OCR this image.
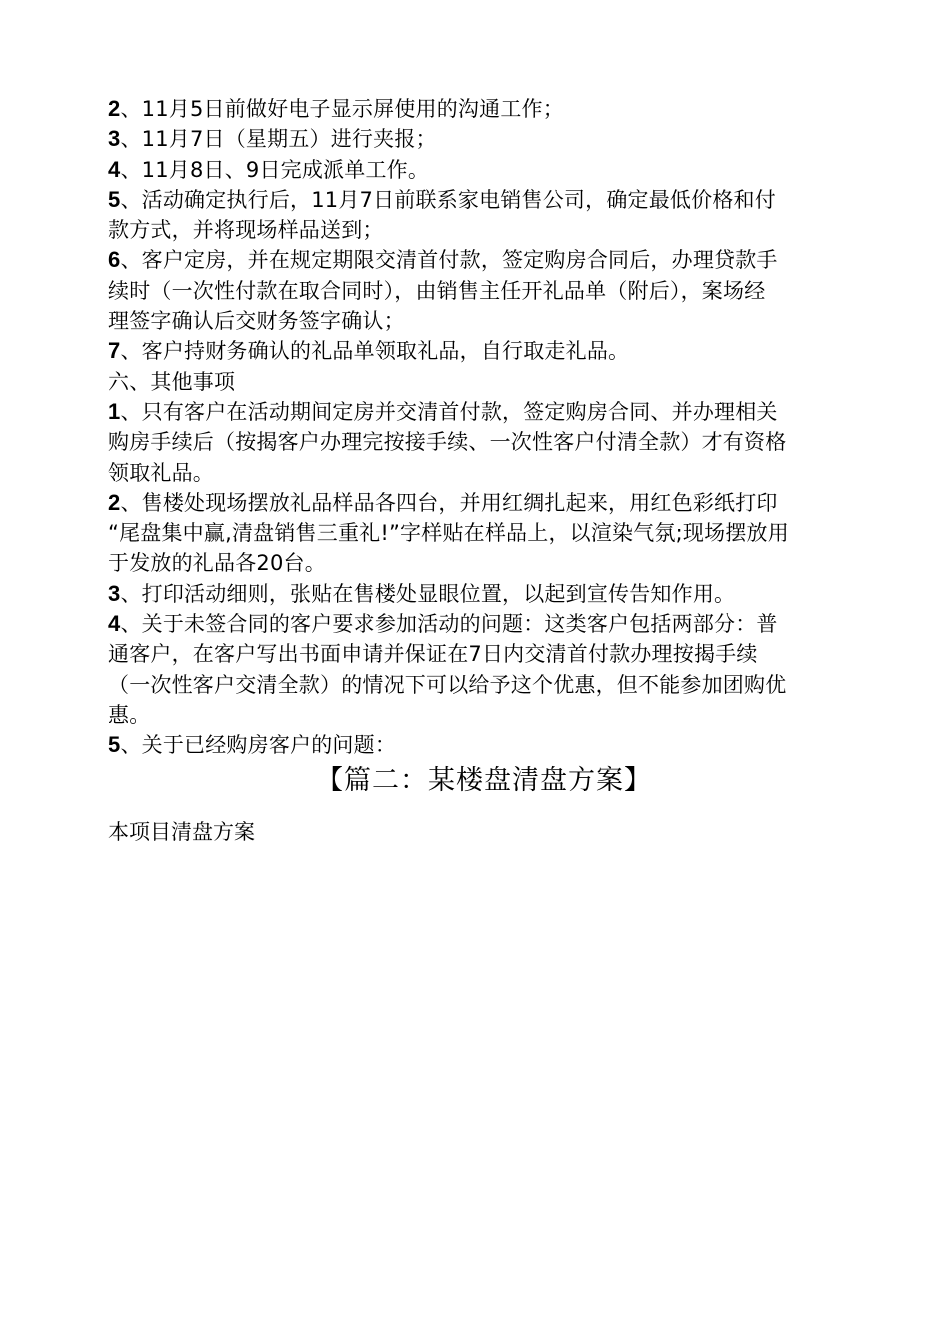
2、11月5日前做好电子显示屏使用的沟通工作；
3、11月7日（星期五）进行夹报；
4、11月8日、9日完成派单工作。
5、活动确定执行后，11月7日前联系家电销售公司，确定最低价格和付
款方式，并将现场样品送到；
6、客户定房，并在规定期限交清首付款，签定购房合同后，办理贷款手
续时（一次性付款在取合同时），由销售主任开礼品单（附后），案场经
理签字确认后交财务签字确认；
7、客户持财务确认的礼品单领取礼品，自行取走礼品。
六、其他事项
1、只有客户在活动期间定房并交清首付款，签定购房合同、并办理相关
购房手续后（按揭客户办理完按接手续、一次性客户付清全款）才有资格
领取礼品。
2、售楼处现场摆放礼品样品各四台，并用红绸扎起来，用红色彩纸打印
“尾盘集中赢,清盘销售三重礼!”字样贴在样品上，以渲染气氛;现场摆放用
于发放的礼品各20台。
3、打印活动细则，张贴在售楼处显眼位置，以起到宣传告知作用。
4、关于未签合同的客户要求参加活动的问题：这类客户包括两部分：普
通客户，在客户写出书面申请并保证在7日内交清首付款办理按揭手续
（一次性客户交清全款）的情况下可以给予这个优惠，但不能参加团购优
惠。
5、关于已经购房客户的问题：
【篇二：某楼盘清盘方案】
本项目清盘方案
